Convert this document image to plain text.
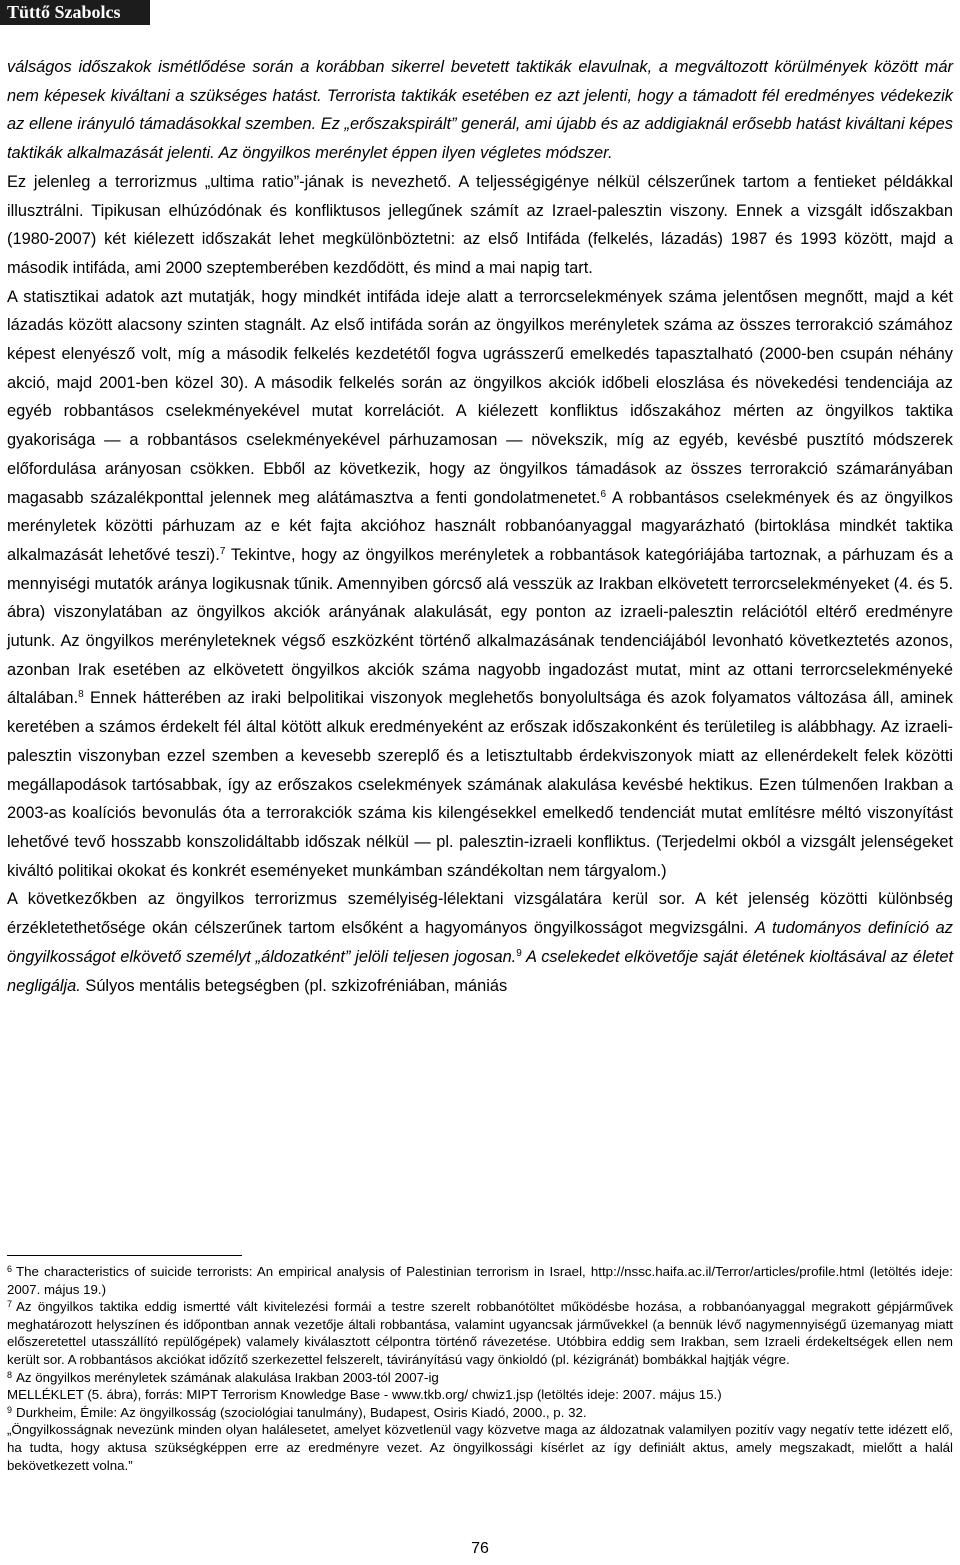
Tüttő Szabolcs

válságos időszakok ismétlődése során a korábban sikerrel bevetett taktikák elavulnak, a megváltozott körülmények között már nem képesek kiváltani a szükséges hatást. Terrorista taktikák esetében ez azt jelenti, hogy a támadott fél eredményes védekezik az ellene irányuló támadásokkal szemben. Ez „erőszakspirált” generál, ami újabb és az addigiaknál erősebb hatást kiváltani képes taktikák alkalmazását jelenti. Az öngyilkos merénylet éppen ilyen végletes módszer.

Ez jelenleg a terrorizmus „ultima ratio”-jának is nevezhető. A teljességigénye nélkül célszerűnek tartom a fentieket példákkal illusztrálni. Tipikusan elhúzódónak és konfliktusos jellegűnek számít az Izrael-palesztin viszony. Ennek a vizsgált időszakban (1980-2007) két kiélezett időszakát lehet megkülönböztetni: az első Intifáda (felkelés, lázadás) 1987 és 1993 között, majd a második intifáda, ami 2000 szeptemberében kezdődött, és mind a mai napig tart.

A statisztikai adatok azt mutatják, hogy mindkét intifáda ideje alatt a terrorcselekmények száma jelentősen megnőtt, majd a két lázadás között alacsony szinten stagnált. Az első intifáda során az öngyilkos merényletek száma az összes terrorakció számához képest elenyésző volt, míg a második felkelés kezdetétől fogva ugrásszerű emelkedés tapasztalható (2000-ben csupán néhány akció, majd 2001-ben közel 30). A második felkelés során az öngyilkos akciók időbeli eloszlása és növekedési tendenciája az egyéb robbantásos cselekményekével mutat korrelációt. A kiélezett konfliktus időszakához mérten az öngyilkos taktika gyakorisága — a robbantásos cselekményekével párhuzamosan — növekszik, míg az egyéb, kevésbé pusztító módszerek előfordulása arányosan csökken. Ebből az következik, hogy az öngyilkos támadások az összes terrorakció számarányában magasabb százalékponttal jelennek meg alátámasztva a fenti gondolatmenetet.$^6$ A robbantásos cselekmények és az öngyilkos merényletek közötti párhuzam az e két fajta akcióhoz használt robbanóanyaggal magyarázható (birtoklása mindkét taktika alkalmazását lehetővé teszi).$^7$ Tekintve, hogy az öngyilkos merényletek a robbantások kategóriájába tartoznak, a párhuzam és a mennyiségi mutatók aránya logikusnak tűnik. Amennyiben górcső alá vesszük az Irakban elkövetett terrorcselekményeket (4. és 5. ábra) viszonylatában az öngyilkos akciók arányának alakulását, egy ponton az izraeli-palesztin relációtól eltérő eredményre jutunk. Az öngyilkos merényleteknek végső eszközként történő alkalmazásának tendenciájából levonható következtetés azonos, azonban Irak esetében az elkövetett öngyilkos akciók száma nagyobb ingadozást mutat, mint az ottani terrorcselekményeké általában.$^8$ Ennek hátterében az iraki belpolitikai viszonyok meglehetős bonyolultsága és azok folyamatos változása áll, aminek keretében a számos érdekelt fél által kötött alkuk eredményeként az erőszak időszakonként és területileg is alábbhagy. Az izraeli-palesztin viszonyban ezzel szemben a kevesebb szereplő és a letisztultabb érdekviszonyok miatt az ellenérdekelt felek közötti megállapodások tartósabbak, így az erőszakos cselekmények számának alakulása kevésbé hektikus. Ezen túlmenően Irakban a 2003-as koalíciós bevonulás óta a terrorakciók száma kis kilengésekkel emelkedő tendenciát mutat említésre méltó viszonyítást lehetővé tevő hosszabb konszolidáltabb időszak nélkül — pl. palesztin-izraeli konfliktus. (Terjedelmi okból a vizsgált jelenségeket kiváltó politikai okokat és konkrét eseményeket munkámban szándékoltan nem tárgyalom.)

A következőkben az öngyilkos terrorizmus személyiség-lélektani vizsgálatára kerül sor. A két jelenség közötti különbség érzékletethetősége okán célszerűnek tartom elsőként a hagyományos öngyilkosságot megvizsgálni. A tudományos definíció az öngyilkosságot elkövető személyt „áldozatként” jelöli teljesen jogosan.$^9$ A cselekedet elkövetője saját életének kioltásával az életet negligálja. Súlyos mentális betegségben (pl. szkizofréniában, mániás

$^6$ The characteristics of suicide terrorists: An empirical analysis of Palestinian terrorism in Israel, http://nssc.haifa.ac.il/Terror/articles/profile.html (letöltés ideje: 2007. május 19.)

$^7$ Az öngyilkos taktika eddig ismertté vált kivitelezési formái a testre szerelt robbanótöltet működésbe hozása, a robbanóanyaggal megrakott gépjárművek meghatározott helyszínen és időpontban annak vezetője általi robbantása, valamint ugyancsak járművekkel (a bennük lévő nagymennyiségű üzemanyag miatt előszeretettel utasszállító repülőgépek) valamely kiválasztott célpontra történő rávezetése. Utóbbira eddig sem Irakban, sem Izraeli érdekeltségek ellen nem került sor. A robbantásos akciókat időzítő szerkezettel felszerelt, távirányítású vagy önkioldó (pl. kézigránát) bombákkal hajtják végre.

$^8$ Az öngyilkos merényletek számának alakulása Irakban 2003-tól 2007-ig

MELLÉKLET (5. ábra), forrás: MIPT Terrorism Knowledge Base - www.tkb.org/ chwiz1.jsp (letöltés ideje: 2007. május 15.)

$^9$ Durkheim, Émile: Az öngyilkosság (szociológiai tanulmány), Budapest, Osiris Kiadó, 2000., p. 32.

„Öngyilkosságnak nevezünk minden olyan halálesetet, amelyet közvetlenül vagy közvetve maga az áldozatnak valamilyen pozitív vagy negatív tette idézett elő, ha tudta, hogy aktusa szükségképpen erre az eredményre vezet. Az öngyilkossági kísérlet az így definiált aktus, amely megszakadt, mielőtt a halál bekövetkezett volna.”

76
